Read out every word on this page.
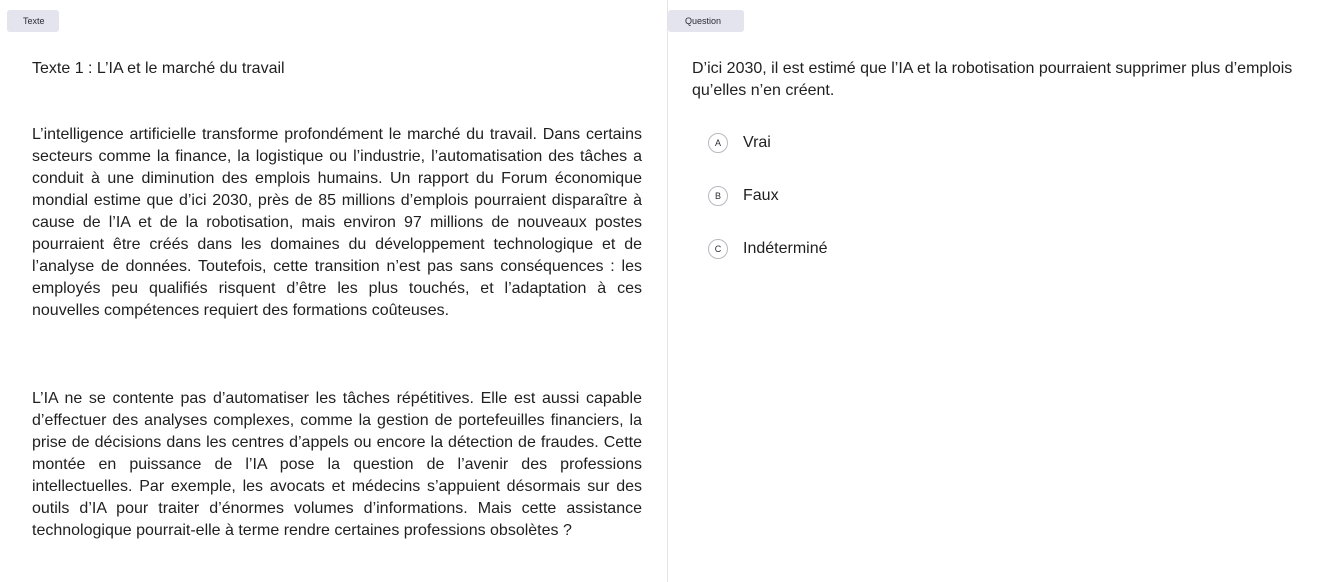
Texte
Texte 1 : L’IA et le marché du travail

L’intelligence artificielle transforme profondément le marché du travail. Dans certains secteurs comme la finance, la logistique ou l’industrie, l’automatisation des tâches a conduit à une diminution des emplois humains. Un rapport du Forum économique mondial estime que d’ici 2030, près de 85 millions d’emplois pourraient disparaître à cause de l’IA et de la robotisation, mais environ 97 millions de nouveaux postes pourraient être créés dans les domaines du développement technologique et de l’analyse de données. Toutefois, cette transition n’est pas sans conséquences : les employés peu qualifiés risquent d’être les plus touchés, et l’adaptation à ces nouvelles compétences requiert des formations coûteuses.

L’IA ne se contente pas d’automatiser les tâches répétitives. Elle est aussi capable d’effectuer des analyses complexes, comme la gestion de portefeuilles financiers, la prise de décisions dans les centres d’appels ou encore la détection de fraudes. Cette montée en puissance de l’IA pose la question de l’avenir des professions intellectuelles. Par exemple, les avocats et médecins s’appuient désormais sur des outils d’IA pour traiter d’énormes volumes d’informations. Mais cette assistance technologique pourrait-elle à terme rendre certaines professions obsolètes ?

Question

D’ici 2030, il est estimé que l’IA et la robotisation pourraient supprimer plus d’emplois qu’elles n’en créent.

A	Vrai
B	Faux
C	Indéterminé
